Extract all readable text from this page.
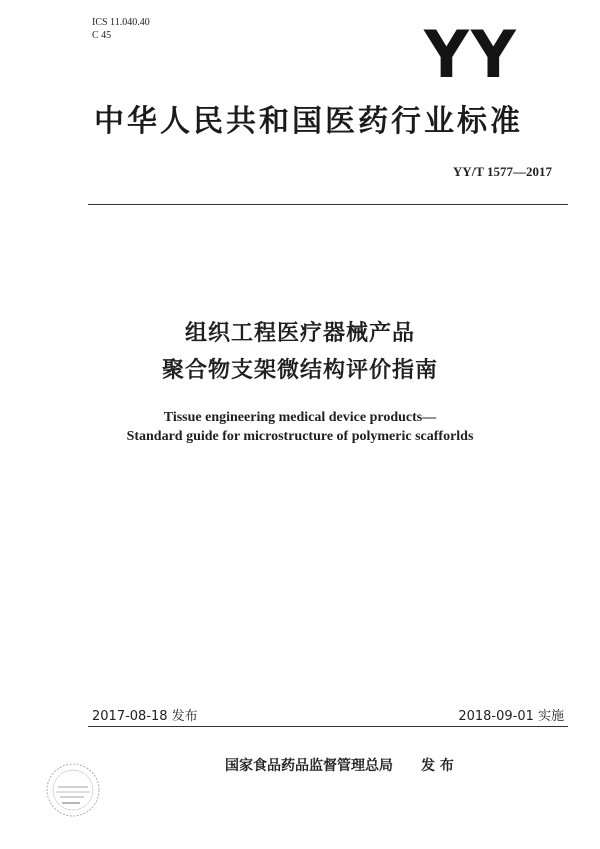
ICS 11.040.40
C 45	YY
中华人民共和国医药行业标准
YY/T 1577—2017
组织工程医疗器械产品
聚合物支架微结构评价指南
Tissue engineering medical device products—
Standard guide for microstructure of polymeric scafforlds
2017-08-18 发布	2018-09-01 实施
国家食品药品监督管理总局 发 布
